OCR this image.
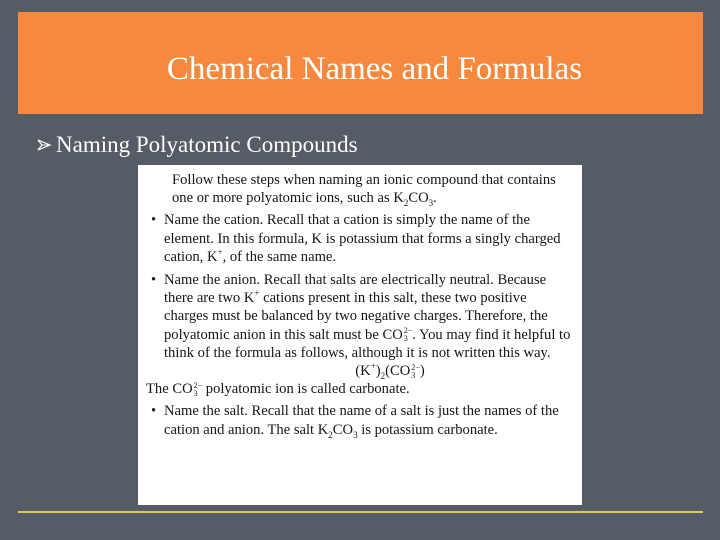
Chemical Names and Formulas
Naming Polyatomic Compounds

Follow these steps when naming an ionic compound that contains one or more polyatomic ions, such as $K_2CO_3$.

• Name the cation. Recall that a cation is simply the name of the element. In this formula, K is potassium that forms a singly charged cation, K+, of the same name.
• Name the anion. Recall that salts are electrically neutral. Because there are two K+ cations present in this salt, these two positive charges must be balanced by two negative charges. Therefore, the polyatomic anion in this salt must be CO 2−
3 . You may find it helpful to think of the formula as follows, although it is not written this way.

$(K^+)_2(CO$ 2−
3 )

The CO 2−
3 polyatomic ion is called carbonate.

• Name the salt. Recall that the name of a salt is just the names of the cation and anion. The salt $K_2CO_3$ is potassium carbonate.
